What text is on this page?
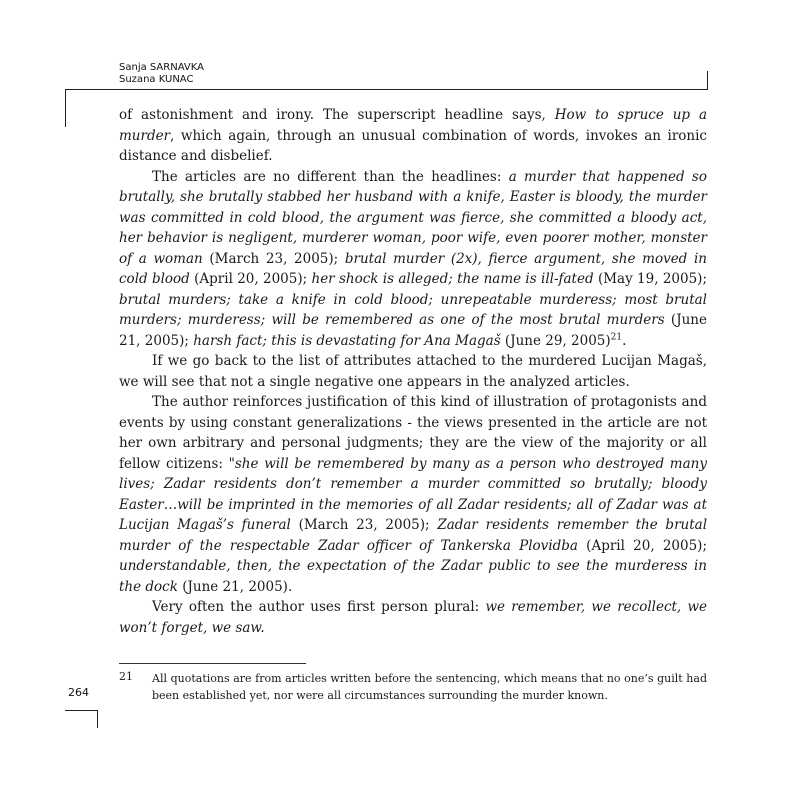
Sanja SARNAVKA
Suzana KUNAC

of astonishment and irony. The superscript headline says, How to spruce up a murder, which again, through an unusual combination of words, invokes an ironic distance and disbelief.

The articles are no different than the headlines: a murder that happened so brutally, she brutally stabbed her husband with a knife, Easter is bloody, the murder was committed in cold blood, the argument was fierce, she committed a bloody act, her behavior is negligent, murderer woman, poor wife, even poorer mother, monster of a woman (March 23, 2005); brutal murder (2x), fierce argument, she moved in cold blood (April 20, 2005); her shock is alleged; the name is ill-fated (May 19, 2005); brutal murders; take a knife in cold blood; unrepeatable murderess; most brutal murders; murderess; will be remembered as one of the most brutal murders (June 21, 2005); harsh fact; this is devastating for Ana Magaš (June 29, 2005)$^{21}$.

If we go back to the list of attributes attached to the murdered Lucijan Magaš, we will see that not a single negative one appears in the analyzed articles.

The author reinforces justification of this kind of illustration of protagonists and events by using constant generalizations - the views presented in the article are not her own arbitrary and personal judgments; they are the view of the majority or all fellow citizens: "she will be remembered by many as a person who destroyed many lives; Zadar residents don’t remember a murder committed so brutally; bloody Easter…will be imprinted in the memories of all Zadar residents; all of Zadar was at Lucijan Magaš’s funeral (March 23, 2005); Zadar residents remember the brutal murder of the respectable Zadar officer of Tankerska Plovidba (April 20, 2005); understandable, then, the expectation of the Zadar public to see the murderess in the dock (June 21, 2005).

Very often the author uses first person plural: we remember, we recollect, we won’t forget, we saw.

21 All quotations are from articles written before the sentencing, which means that no one’s guilt had been established yet, nor were all circumstances surrounding the murder known.
264
